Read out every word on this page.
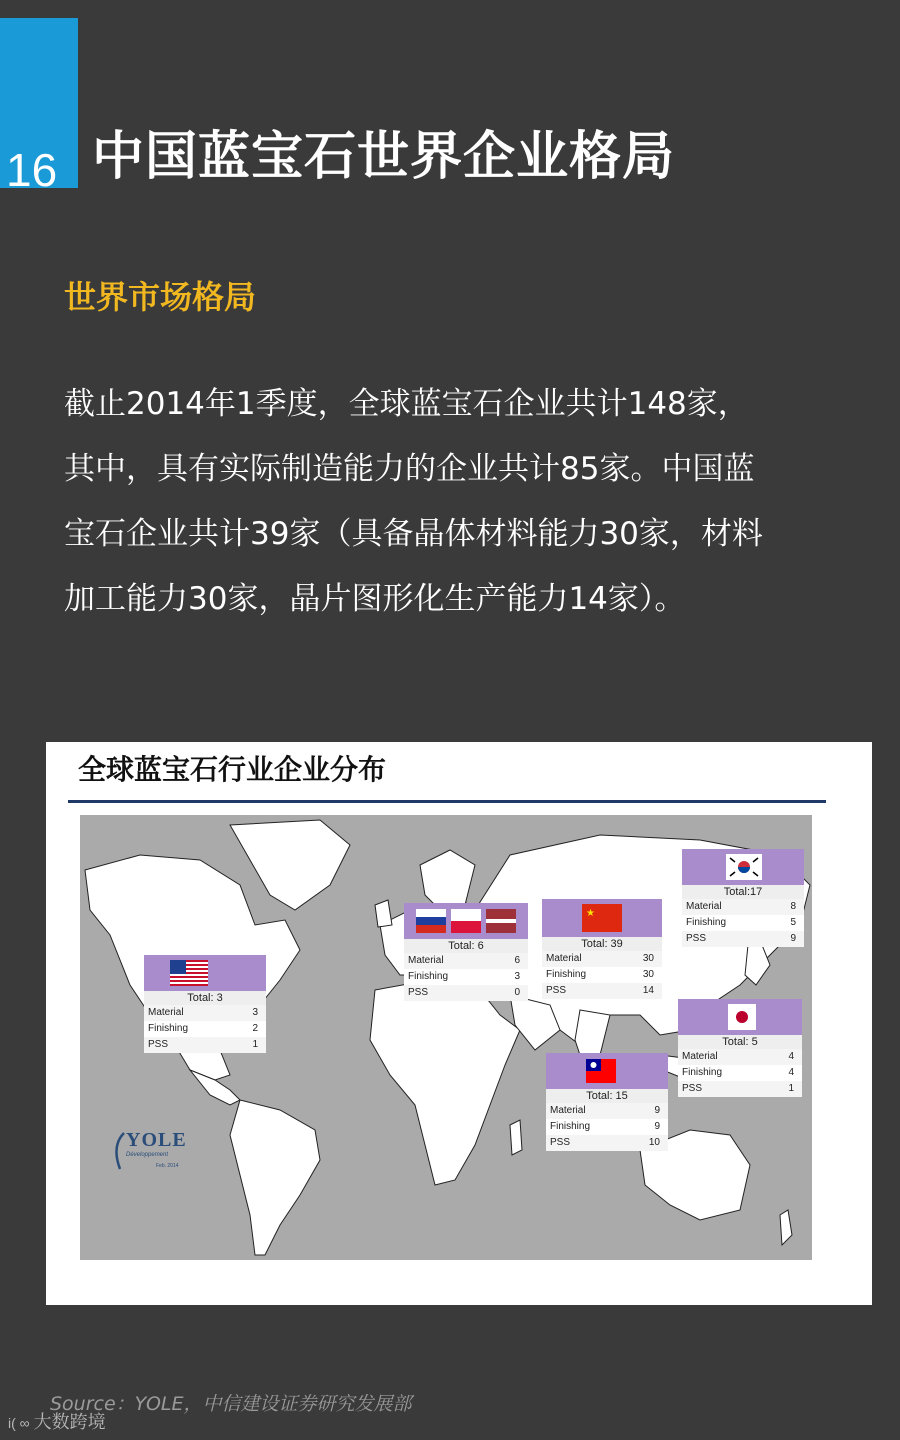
16 中国蓝宝石世界企业格局
世界市场格局

截止2014年1季度，全球蓝宝石企业共计148家，

其中，具有实际制造能力的企业共计85家。中国蓝

宝石企业共计39家（具备晶体材料能力30家，材料

加工能力30家，晶片图形化生产能力14家）。

全球蓝宝石行业企业分布
Total: 3
Material	3
Finishing	2
PSS	1
Total: 6
Material	6
Finishing	3
PSS	0
★
Total: 39
Material	30
Finishing	30
PSS	14
Total:17
Material	8
Finishing	5
PSS	9
Total: 5
Material	4
Finishing	4
PSS	1
Total: 15
Material	9
Finishing	9
PSS	10
YOLE
Développement
Feb. 2014
Source：YOLE，中信建设证券研究发展部
i( ∞ 大数跨境
